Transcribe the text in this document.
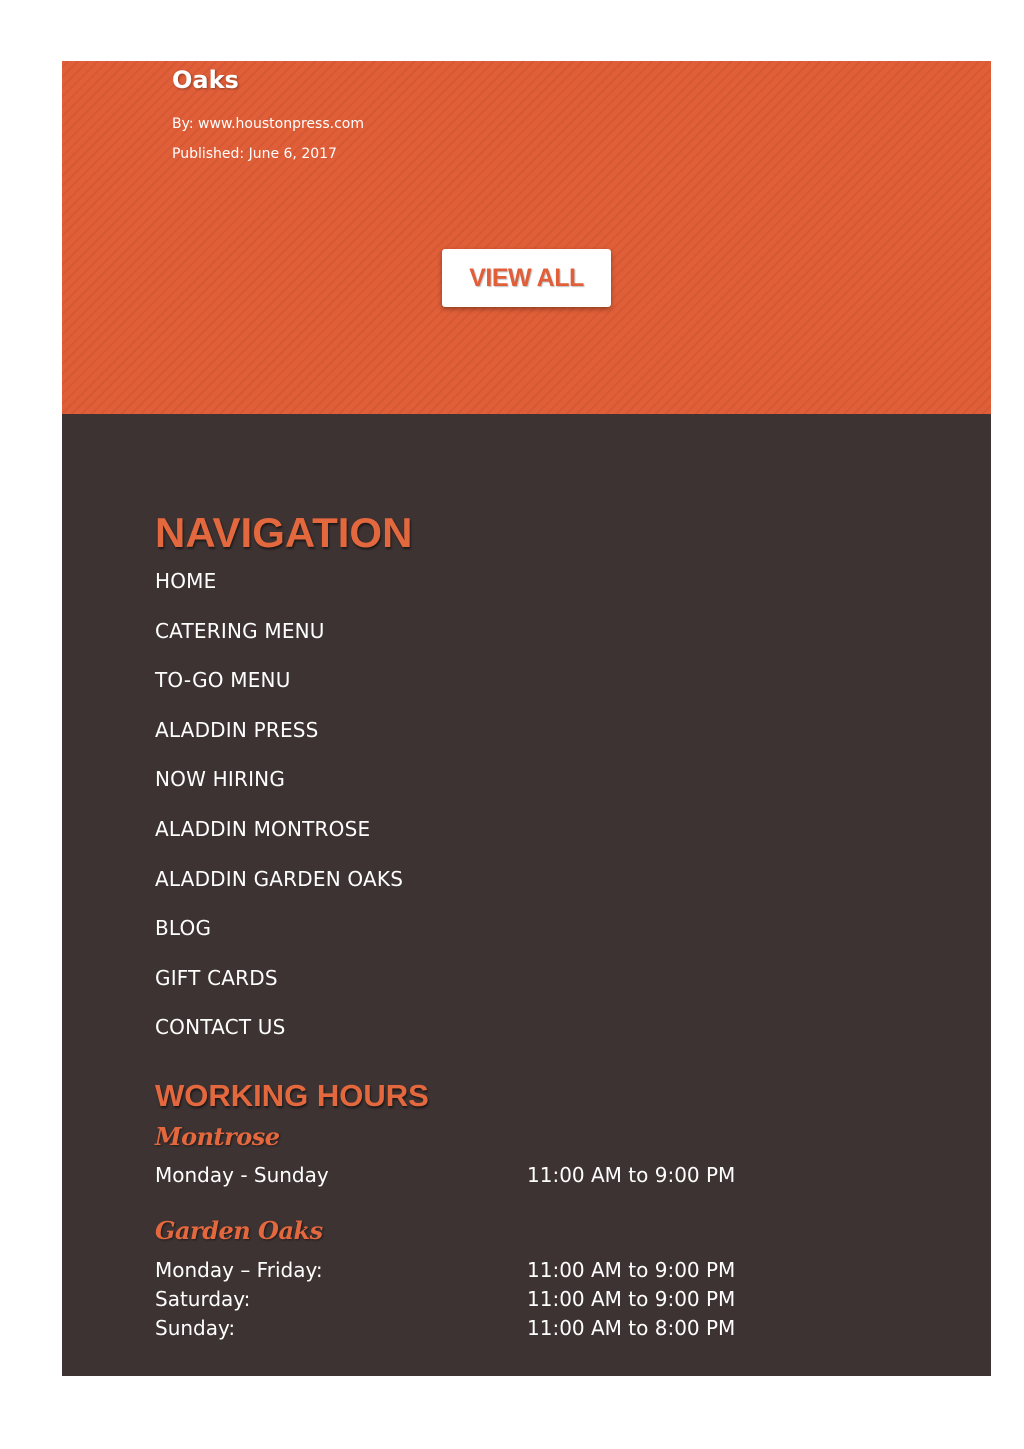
Oaks
By: www.houstonpress.com
Published: June 6, 2017
VIEW ALL
NAVIGATION
HOME
CATERING MENU
TO-GO MENU
ALADDIN PRESS
NOW HIRING
ALADDIN MONTROSE
ALADDIN GARDEN OAKS
BLOG
GIFT CARDS
CONTACT US
WORKING HOURS
Montrose
Monday - Sunday	11:00 AM to 9:00 PM
Garden Oaks
Monday – Friday:	11:00 AM to 9:00 PM
Saturday:	11:00 AM to 9:00 PM
Sunday:	11:00 AM to 8:00 PM
